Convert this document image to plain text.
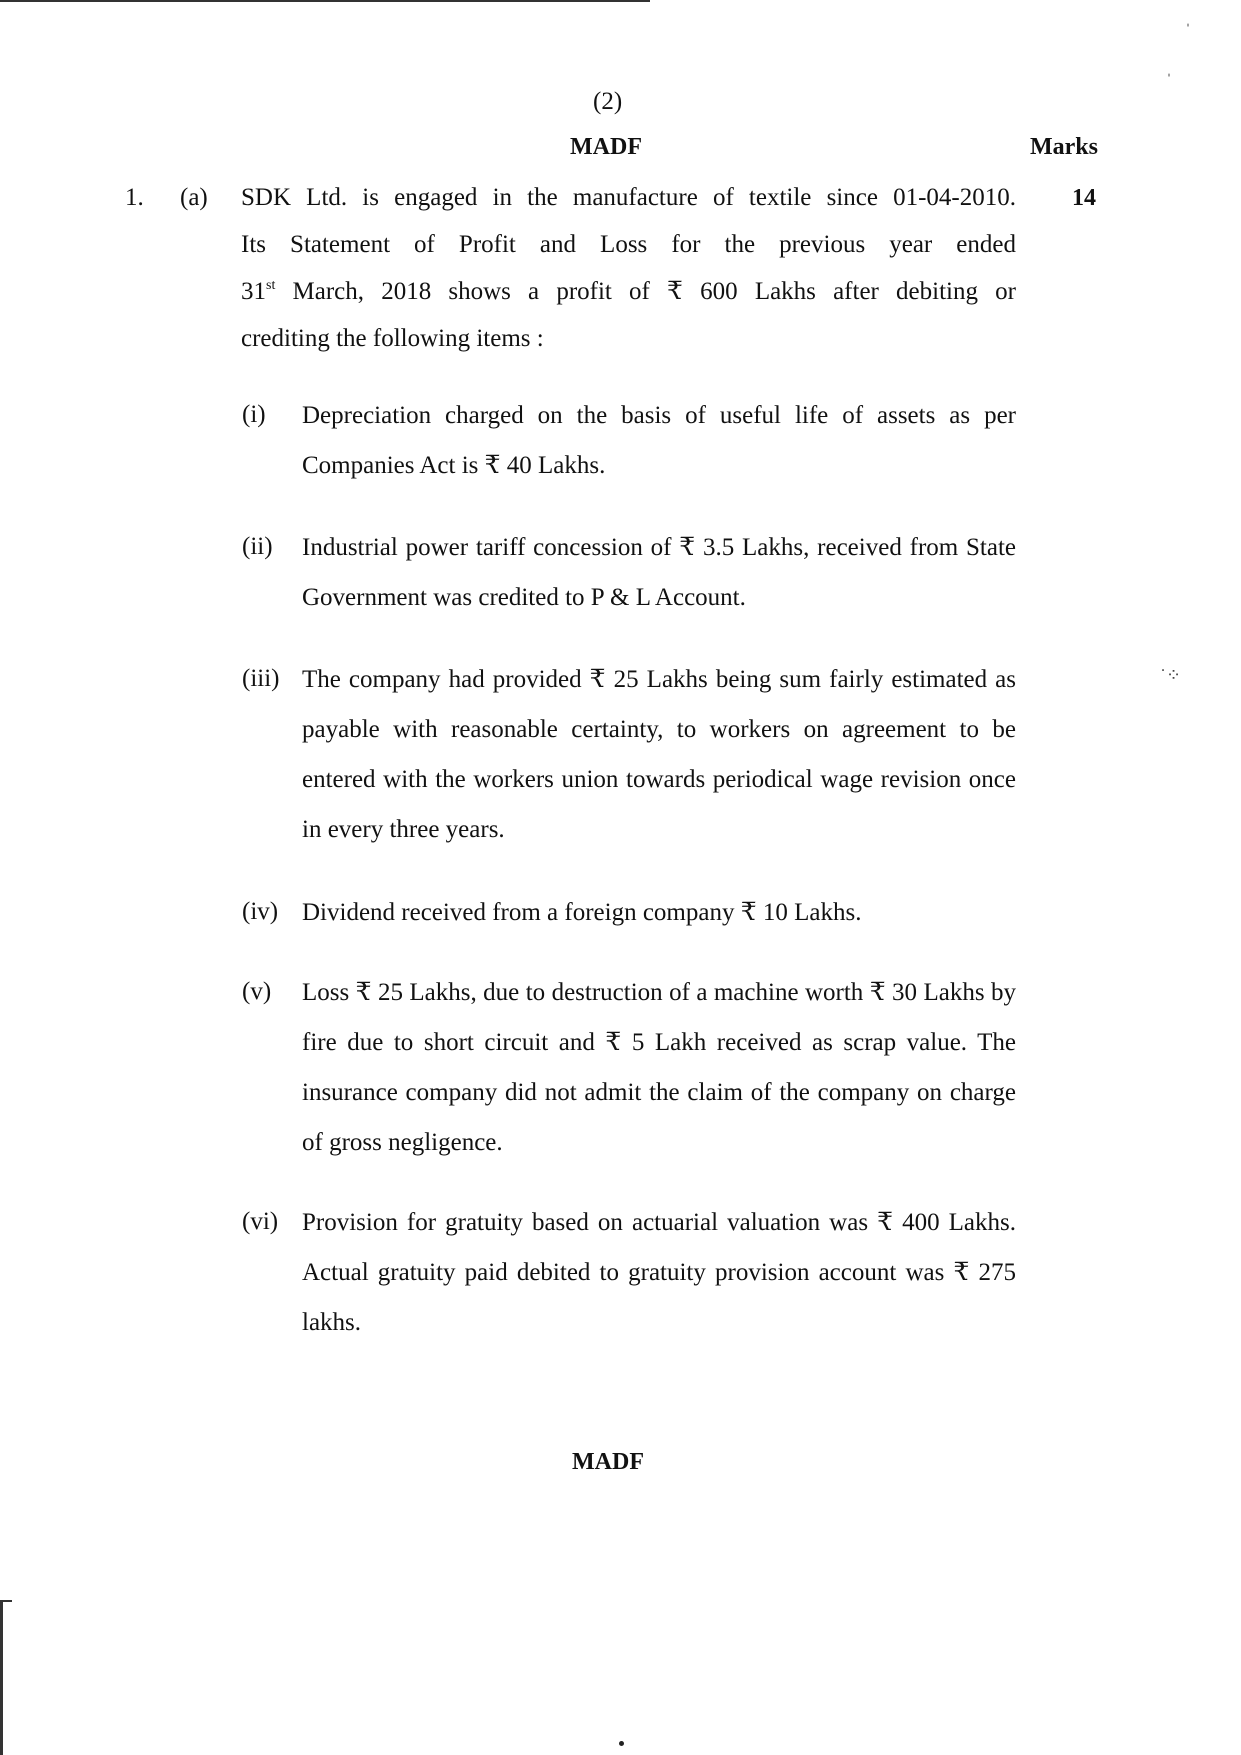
ˈ
ˈ
˙⁘
(2)
MADF	Marks
1. (a)	14
SDK Ltd. is engaged in the manufacture of textile since 01-04-2010.
Its Statement of Profit and Loss for the previous year ended
31st March, 2018 shows a profit of ₹ 600 Lakhs after debiting or
crediting the following items :
(i) Depreciation charged on the basis of useful life of assets as per Companies Act is ₹ 40 Lakhs.
(ii) Industrial power tariff concession of ₹ 3.5 Lakhs, received from State Government was credited to P & L Account.
(iii) The company had provided ₹ 25 Lakhs being sum fairly estimated as payable with reasonable certainty, to workers on agreement to be entered with the workers union towards periodical wage revision once in every three years.
(iv) Dividend received from a foreign company ₹ 10 Lakhs.
(v) Loss ₹ 25 Lakhs, due to destruction of a machine worth ₹ 30 Lakhs by fire due to short circuit and ₹ 5 Lakh received as scrap value. The insurance company did not admit the claim of the company on charge of gross negligence.
(vi) Provision for gratuity based on actuarial valuation was ₹ 400 Lakhs. Actual gratuity paid debited to gratuity provision account was ₹ 275 lakhs.
MADF
